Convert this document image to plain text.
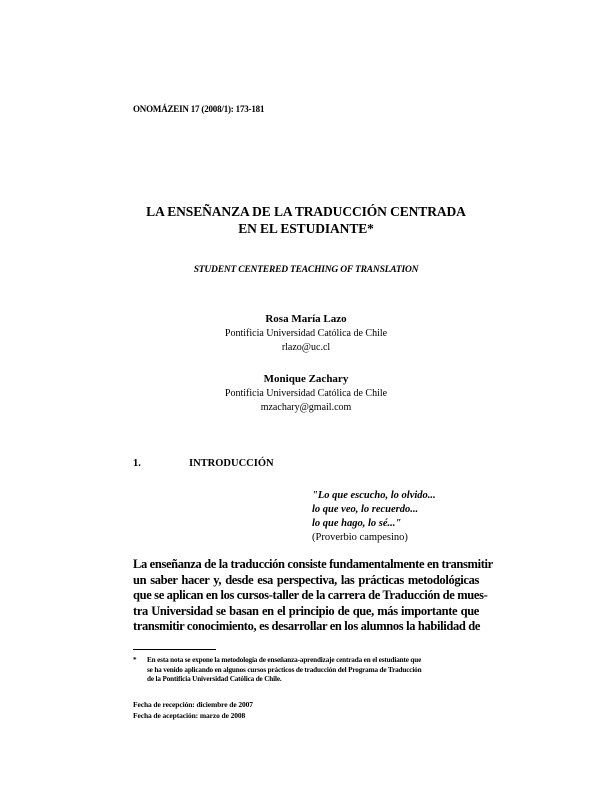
ONOMÁZEIN 17 (2008/1): 173-181
LA ENSEÑANZA DE LA TRADUCCIÓN CENTRADA
EN EL ESTUDIANTE*
STUDENT CENTERED TEACHING OF TRANSLATION
Rosa María Lazo
Pontificia Universidad Católica de Chile
rlazo@uc.cl
Monique Zachary
Pontificia Universidad Católica de Chile
mzachary@gmail.com
1.	INTRODUCCIÓN
"Lo que escucho, lo olvido...
lo que veo, lo recuerdo...
lo que hago, lo sé..."
(Proverbio campesino)
La enseñanza de la traducción consiste fundamentalmente en transmitir
un saber hacer y, desde esa perspectiva, las prácticas metodológicas
que se aplican en los cursos-taller de la carrera de Traducción de mues-
tra Universidad se basan en el principio de que, más importante que
transmitir conocimiento, es desarrollar en los alumnos la habilidad de
* En esta nota se expone la metodología de enseñanza-aprendizaje centrada en el estudiante que
se ha venido aplicando en algunos cursos prácticos de traducción del Programa de Traducción
de la Pontificia Universidad Católica de Chile.
Fecha de recepción: diciembre de 2007
Fecha de aceptación: marzo de 2008
